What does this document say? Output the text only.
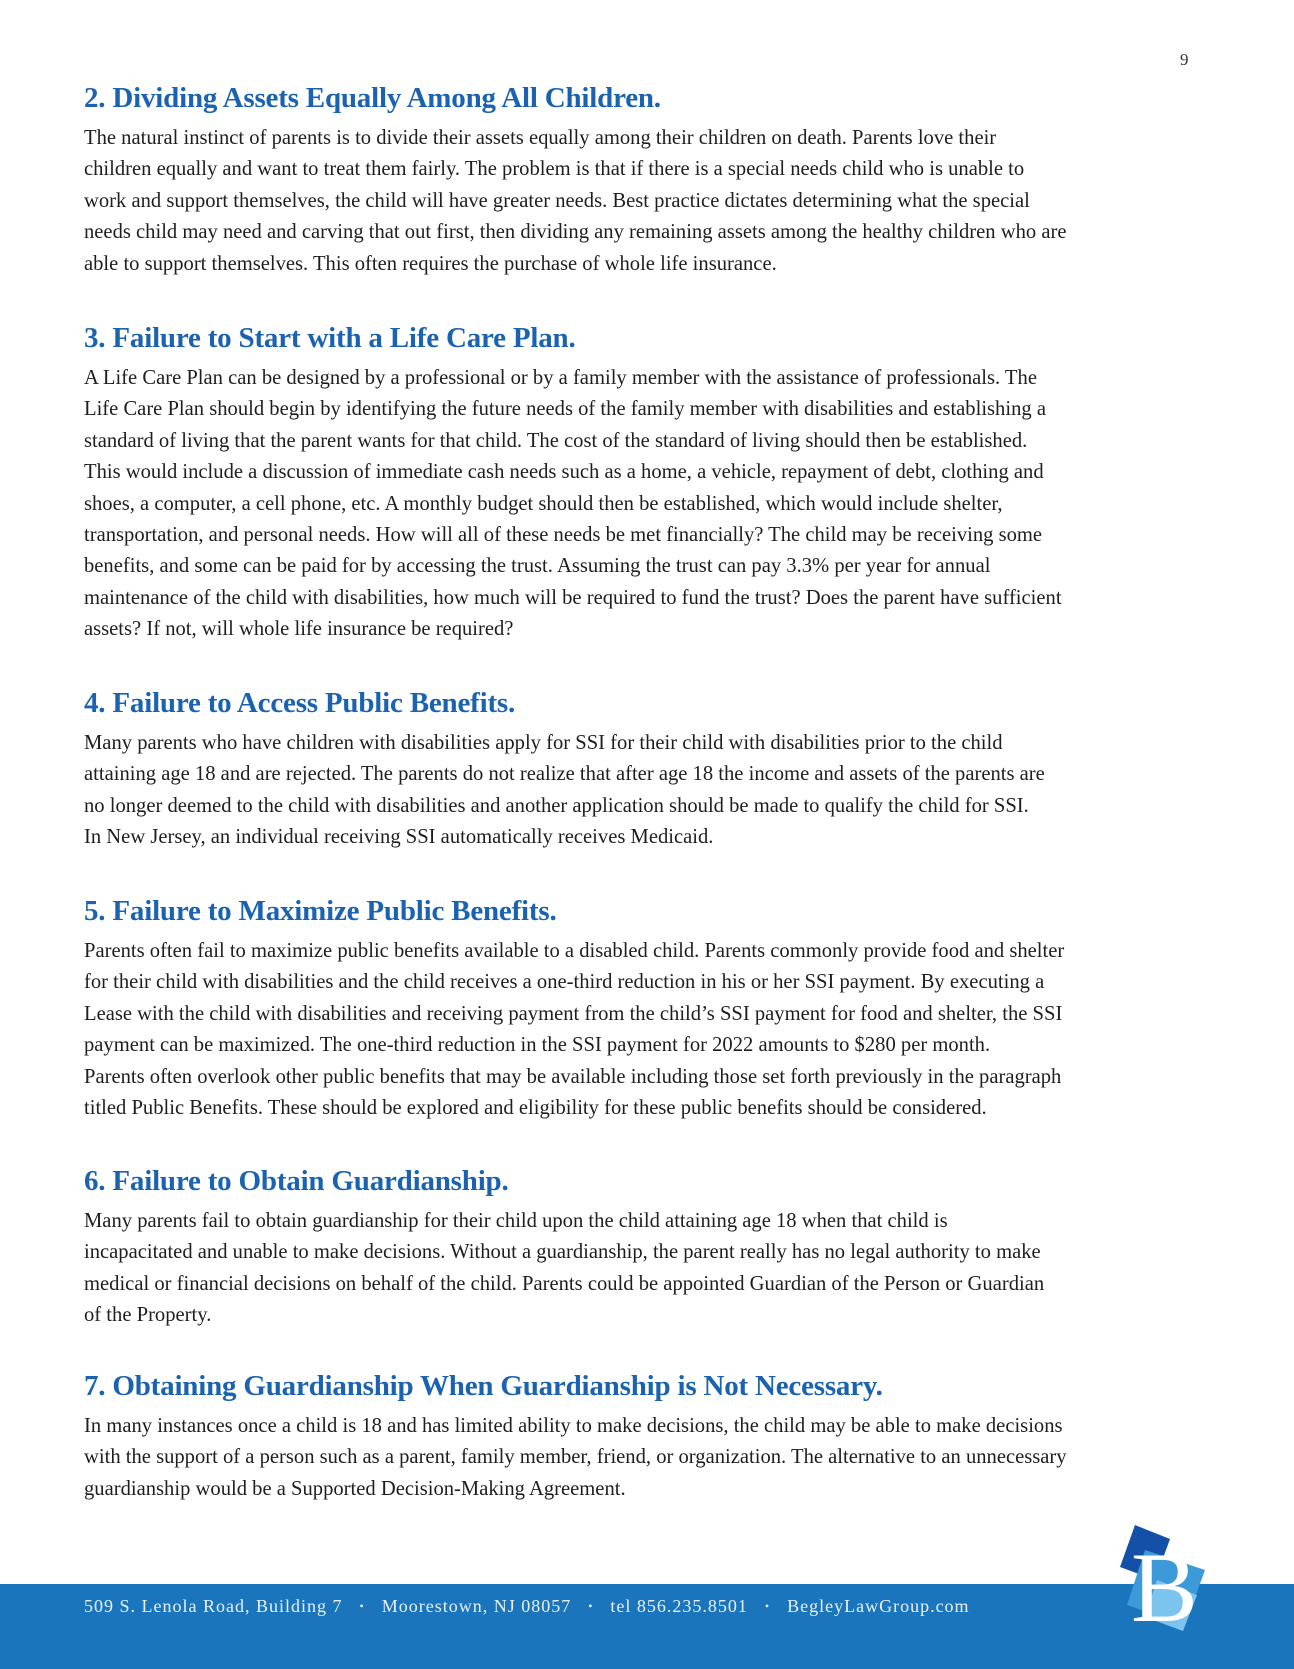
9
2. Dividing Assets Equally Among All Children.
The natural instinct of parents is to divide their assets equally among their children on death. Parents love their
children equally and want to treat them fairly. The problem is that if there is a special needs child who is unable to
work and support themselves, the child will have greater needs. Best practice dictates determining what the special
needs child may need and carving that out first, then dividing any remaining assets among the healthy children who are
able to support themselves. This often requires the purchase of whole life insurance.
3. Failure to Start with a Life Care Plan.
A Life Care Plan can be designed by a professional or by a family member with the assistance of professionals. The
Life Care Plan should begin by identifying the future needs of the family member with disabilities and establishing a
standard of living that the parent wants for that child. The cost of the standard of living should then be established.
This would include a discussion of immediate cash needs such as a home, a vehicle, repayment of debt, clothing and
shoes, a computer, a cell phone, etc. A monthly budget should then be established, which would include shelter,
transportation, and personal needs. How will all of these needs be met financially? The child may be receiving some
benefits, and some can be paid for by accessing the trust. Assuming the trust can pay 3.3% per year for annual
maintenance of the child with disabilities, how much will be required to fund the trust? Does the parent have sufficient
assets? If not, will whole life insurance be required?
4. Failure to Access Public Benefits.
Many parents who have children with disabilities apply for SSI for their child with disabilities prior to the child
attaining age 18 and are rejected. The parents do not realize that after age 18 the income and assets of the parents are
no longer deemed to the child with disabilities and another application should be made to qualify the child for SSI.
In New Jersey, an individual receiving SSI automatically receives Medicaid.
5. Failure to Maximize Public Benefits.
Parents often fail to maximize public benefits available to a disabled child. Parents commonly provide food and shelter
for their child with disabilities and the child receives a one-third reduction in his or her SSI payment. By executing a
Lease with the child with disabilities and receiving payment from the child’s SSI payment for food and shelter, the SSI
payment can be maximized. The one-third reduction in the SSI payment for 2022 amounts to $280 per month.
Parents often overlook other public benefits that may be available including those set forth previously in the paragraph
titled Public Benefits. These should be explored and eligibility for these public benefits should be considered.
6. Failure to Obtain Guardianship.
Many parents fail to obtain guardianship for their child upon the child attaining age 18 when that child is
incapacitated and unable to make decisions. Without a guardianship, the parent really has no legal authority to make
medical or financial decisions on behalf of the child. Parents could be appointed Guardian of the Person or Guardian
of the Property.
7. Obtaining Guardianship When Guardianship is Not Necessary.
In many instances once a child is 18 and has limited ability to make decisions, the child may be able to make decisions
with the support of a person such as a parent, family member, friend, or organization. The alternative to an unnecessary
guardianship would be a Supported Decision-Making Agreement.
509 S. Lenola Road, Building 7 • Moorestown, NJ 08057 • tel 856.235.8501 • BegleyLawGroup.com B
